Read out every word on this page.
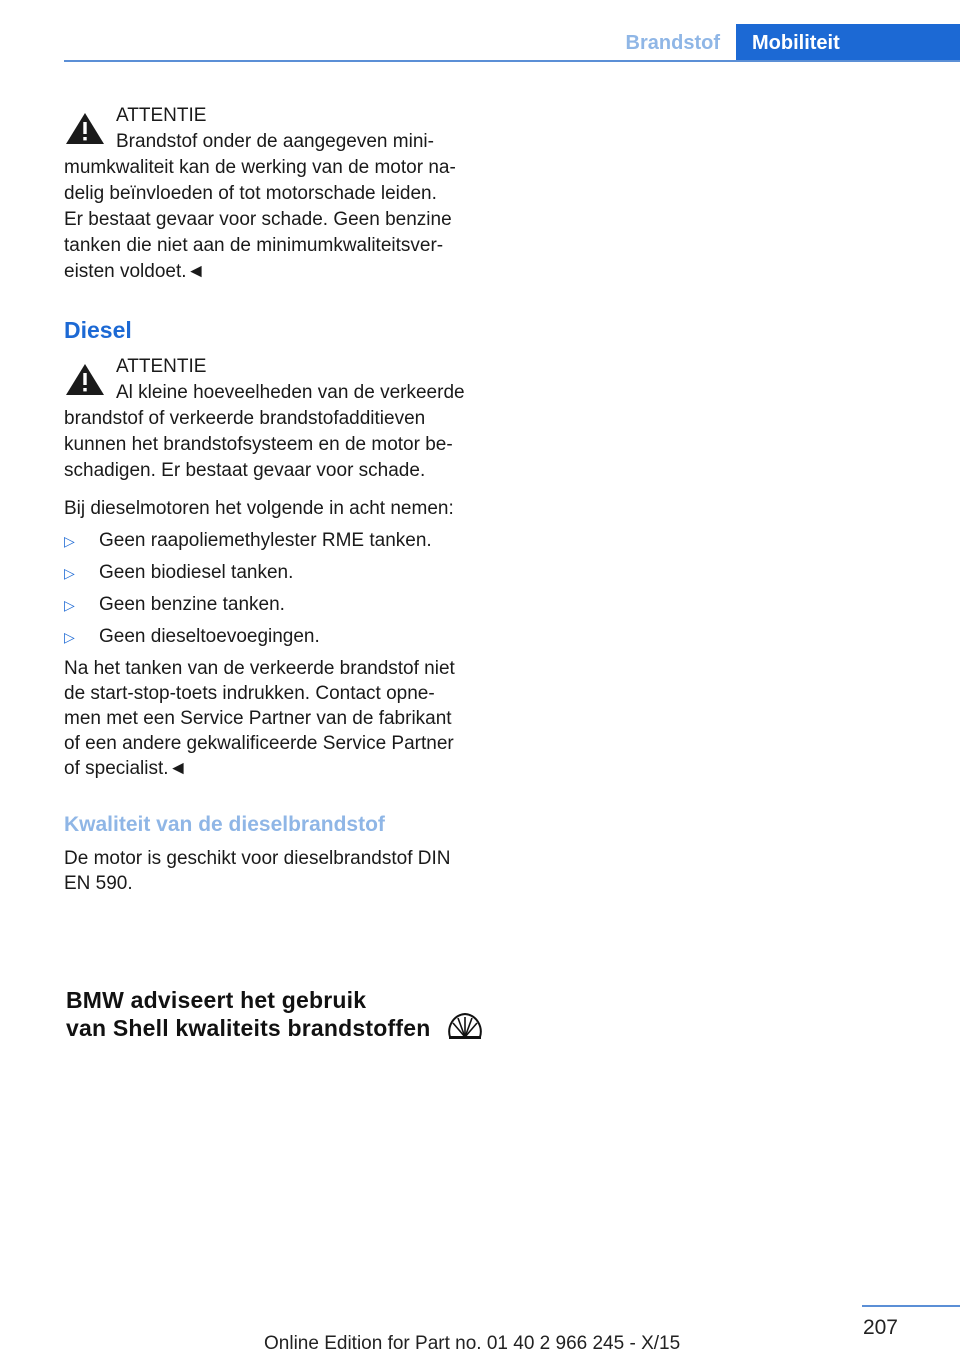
Brandstof	Mobiliteit
ATTENTIE
Brandstof onder de aangegeven mini-
mumkwaliteit kan de werking van de motor na-
delig beïnvloeden of tot motorschade leiden.
Er bestaat gevaar voor schade. Geen benzine
tanken die niet aan de minimumkwaliteitsver-
eisten voldoet.◄
Diesel
ATTENTIE
Al kleine hoeveelheden van de verkeerde
brandstof of verkeerde brandstofadditieven
kunnen het brandstofsysteem en de motor be-
schadigen. Er bestaat gevaar voor schade.
Bij dieselmotoren het volgende in acht nemen:
▷ Geen raapoliemethylester RME tanken.
▷ Geen biodiesel tanken.
▷ Geen benzine tanken.
▷ Geen dieseltoevoegingen.
Na het tanken van de verkeerde brandstof niet
de start-stop-toets indrukken. Contact opne-
men met een Service Partner van de fabrikant
of een andere gekwalificeerde Service Partner
of specialist.◄
Kwaliteit van de dieselbrandstof
De motor is geschikt voor dieselbrandstof DIN
EN 590.
BMW adviseert het gebruik
van Shell kwaliteits brandstoffen
207
Online Edition for Part no. 01 40 2 966 245 - X/15
